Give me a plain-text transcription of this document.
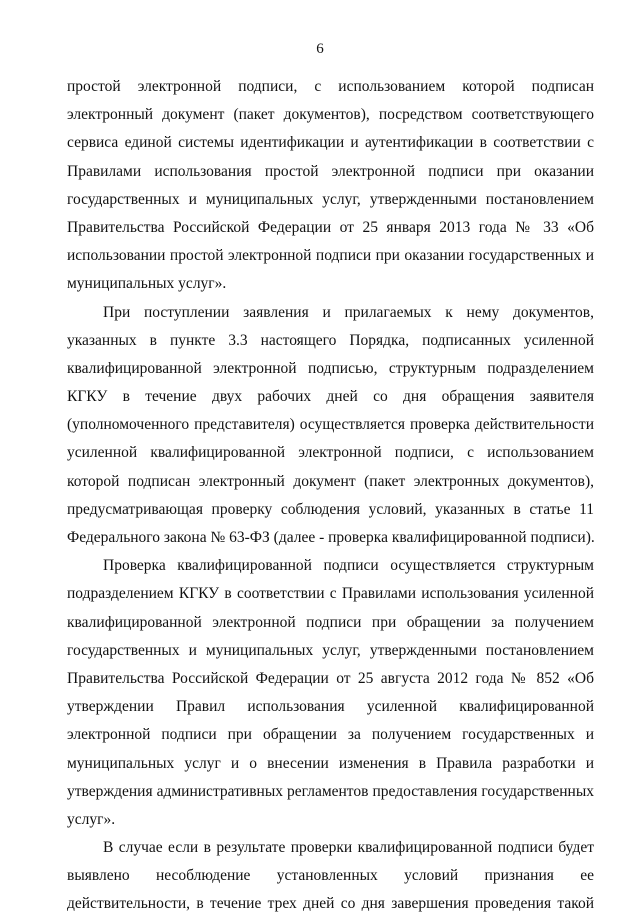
6
простой электронной подписи, с использованием которой подписан
электронный документ (пакет документов), посредством соответствующего
сервиса единой системы идентификации и аутентификации в соответствии с
Правилами использования простой электронной подписи при оказании
государственных и муниципальных услуг, утвержденными постановлением
Правительства Российской Федерации от 25 января 2013 года № 33 «Об
использовании простой электронной подписи при оказании государственных и
муниципальных услуг».
При поступлении заявления и прилагаемых к нему документов,
указанных в пункте 3.3 настоящего Порядка, подписанных усиленной
квалифицированной электронной подписью, структурным подразделением
КГКУ в течение двух рабочих дней со дня обращения заявителя
(уполномоченного представителя) осуществляется проверка действительности
усиленной квалифицированной электронной подписи, с использованием
которой подписан электронный документ (пакет электронных документов),
предусматривающая проверку соблюдения условий, указанных в статье 11
Федерального закона № 63-ФЗ (далее - проверка квалифицированной подписи).
Проверка квалифицированной подписи осуществляется структурным
подразделением КГКУ в соответствии с Правилами использования усиленной
квалифицированной электронной подписи при обращении за получением
государственных и муниципальных услуг, утвержденными постановлением
Правительства Российской Федерации от 25 августа 2012 года № 852 «Об
утверждении Правил использования усиленной квалифицированной
электронной подписи при обращении за получением государственных и
муниципальных услуг и о внесении изменения в Правила разработки и
утверждения административных регламентов предоставления государственных
услуг».
В случае если в результате проверки квалифицированной подписи будет
выявлено несоблюдение установленных условий признания ее
действительности, в течение трех дней со дня завершения проведения такой
